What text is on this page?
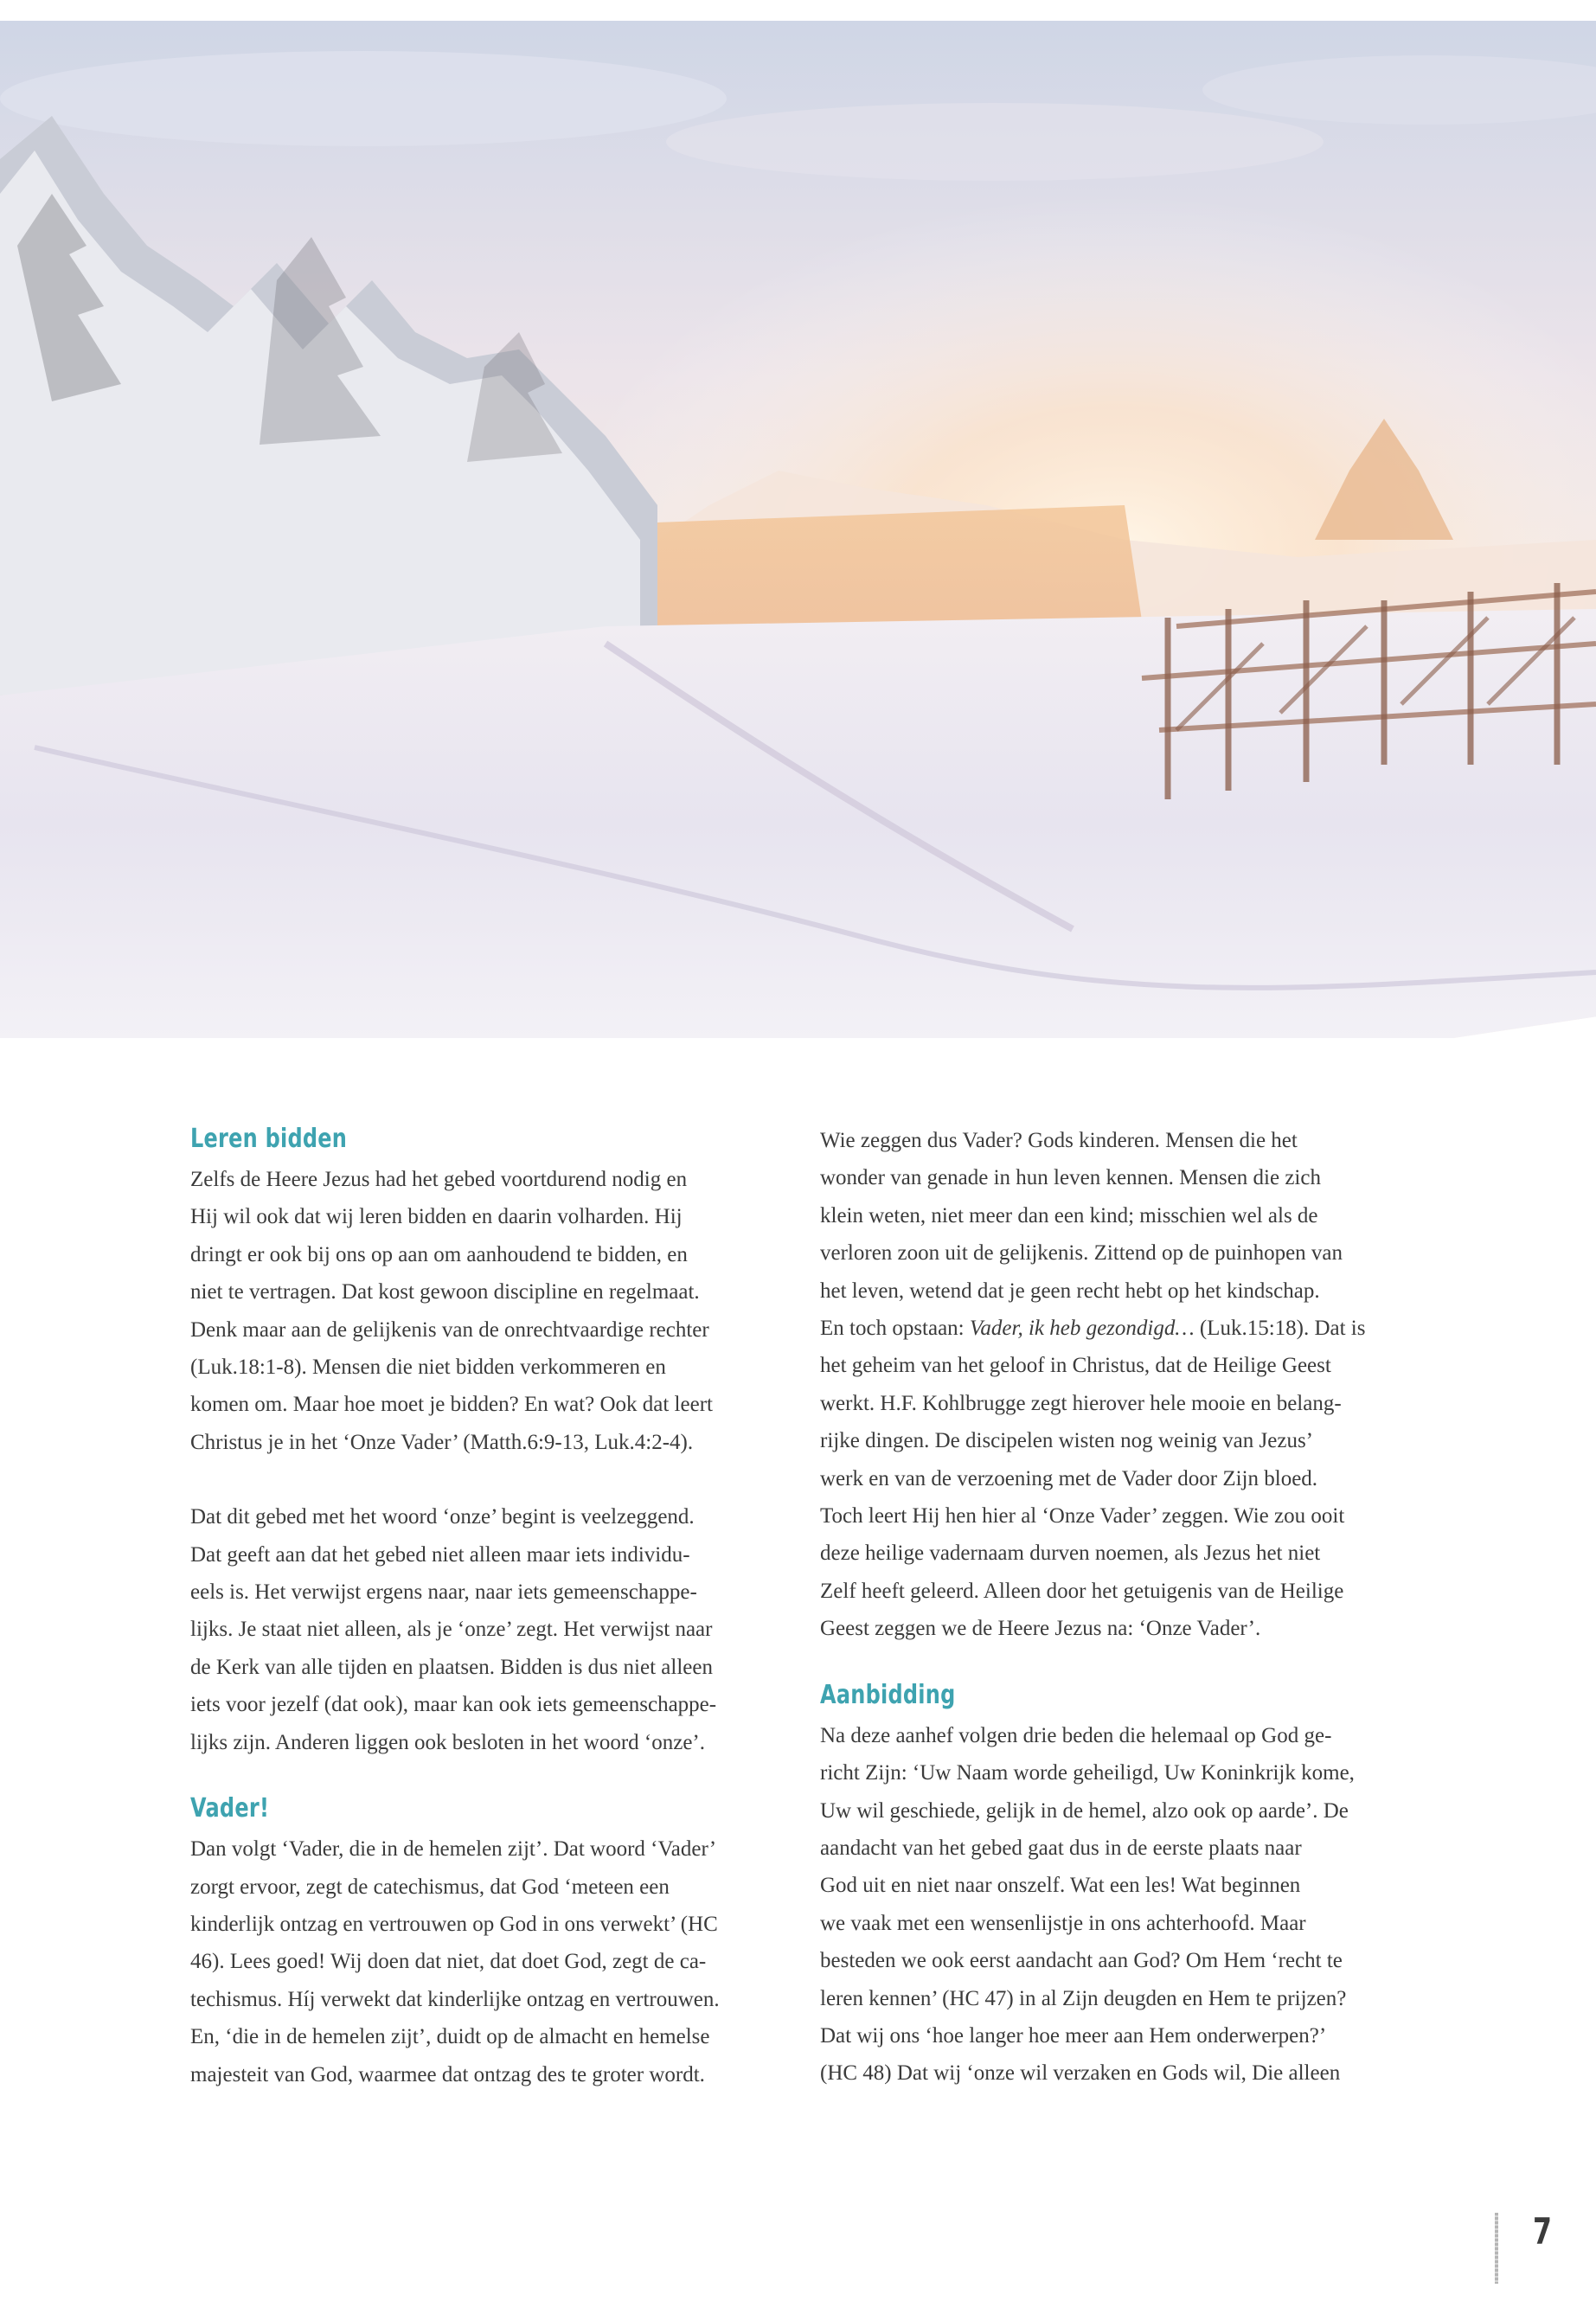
Leren bidden

Zelfs de Heere Jezus had het gebed voortdurend nodig en
Hij wil ook dat wij leren bidden en daarin volharden. Hij
dringt er ook bij ons op aan om aanhoudend te bidden, en
niet te vertragen. Dat kost gewoon discipline en regelmaat.
Denk maar aan de gelijkenis van de onrechtvaardige rechter
(Luk.18:1-8). Mensen die niet bidden verkommeren en
komen om. Maar hoe moet je bidden? En wat? Ook dat leert
Christus je in het ‘Onze Vader’ (Matth.6:9-13, Luk.4:2-4).

Dat dit gebed met het woord ‘onze’ begint is veelzeggend.
Dat geeft aan dat het gebed niet alleen maar iets individu-
eels is. Het verwijst ergens naar, naar iets gemeenschappe-
lijks. Je staat niet alleen, als je ‘onze’ zegt. Het verwijst naar
de Kerk van alle tijden en plaatsen. Bidden is dus niet alleen
iets voor jezelf (dat ook), maar kan ook iets gemeenschappe-
lijks zijn. Anderen liggen ook besloten in het woord ‘onze’.

Vader!

Dan volgt ‘Vader, die in de hemelen zijt’. Dat woord ‘Vader’
zorgt ervoor, zegt de catechismus, dat God ‘meteen een
kinderlijk ontzag en vertrouwen op God in ons verwekt’ (HC
46). Lees goed! Wij doen dat niet, dat doet God, zegt de ca-
techismus. Híj verwekt dat kinderlijke ontzag en vertrouwen.
En, ‘die in de hemelen zijt’, duidt op de almacht en hemelse
majesteit van God, waarmee dat ontzag des te groter wordt.

Wie zeggen dus Vader? Gods kinderen. Mensen die het
wonder van genade in hun leven kennen. Mensen die zich
klein weten, niet meer dan een kind; misschien wel als de
verloren zoon uit de gelijkenis. Zittend op de puinhopen van
het leven, wetend dat je geen recht hebt op het kindschap.
En toch opstaan: Vader, ik heb gezondigd… (Luk.15:18). Dat is
het geheim van het geloof in Christus, dat de Heilige Geest
werkt. H.F. Kohlbrugge zegt hierover hele mooie en belang-
rijke dingen. De discipelen wisten nog weinig van Jezus’
werk en van de verzoening met de Vader door Zijn bloed.
Toch leert Hij hen hier al ‘Onze Vader’ zeggen. Wie zou ooit
deze heilige vadernaam durven noemen, als Jezus het niet
Zelf heeft geleerd. Alleen door het getuigenis van de Heilige
Geest zeggen we de Heere Jezus na: ‘Onze Vader’.

Aanbidding

Na deze aanhef volgen drie beden die helemaal op God ge-
richt Zijn: ‘Uw Naam worde geheiligd, Uw Koninkrijk kome,
Uw wil geschiede, gelijk in de hemel, alzo ook op aarde’. De
aandacht van het gebed gaat dus in de eerste plaats naar
God uit en niet naar onszelf. Wat een les! Wat beginnen
we vaak met een wensenlijstje in ons achterhoofd. Maar
besteden we ook eerst aandacht aan God? Om Hem ‘recht te
leren kennen’ (HC 47) in al Zijn deugden en Hem te prijzen?
Dat wij ons ‘hoe langer hoe meer aan Hem onderwerpen?’
(HC 48) Dat wij ‘onze wil verzaken en Gods wil, Die alleen

7
